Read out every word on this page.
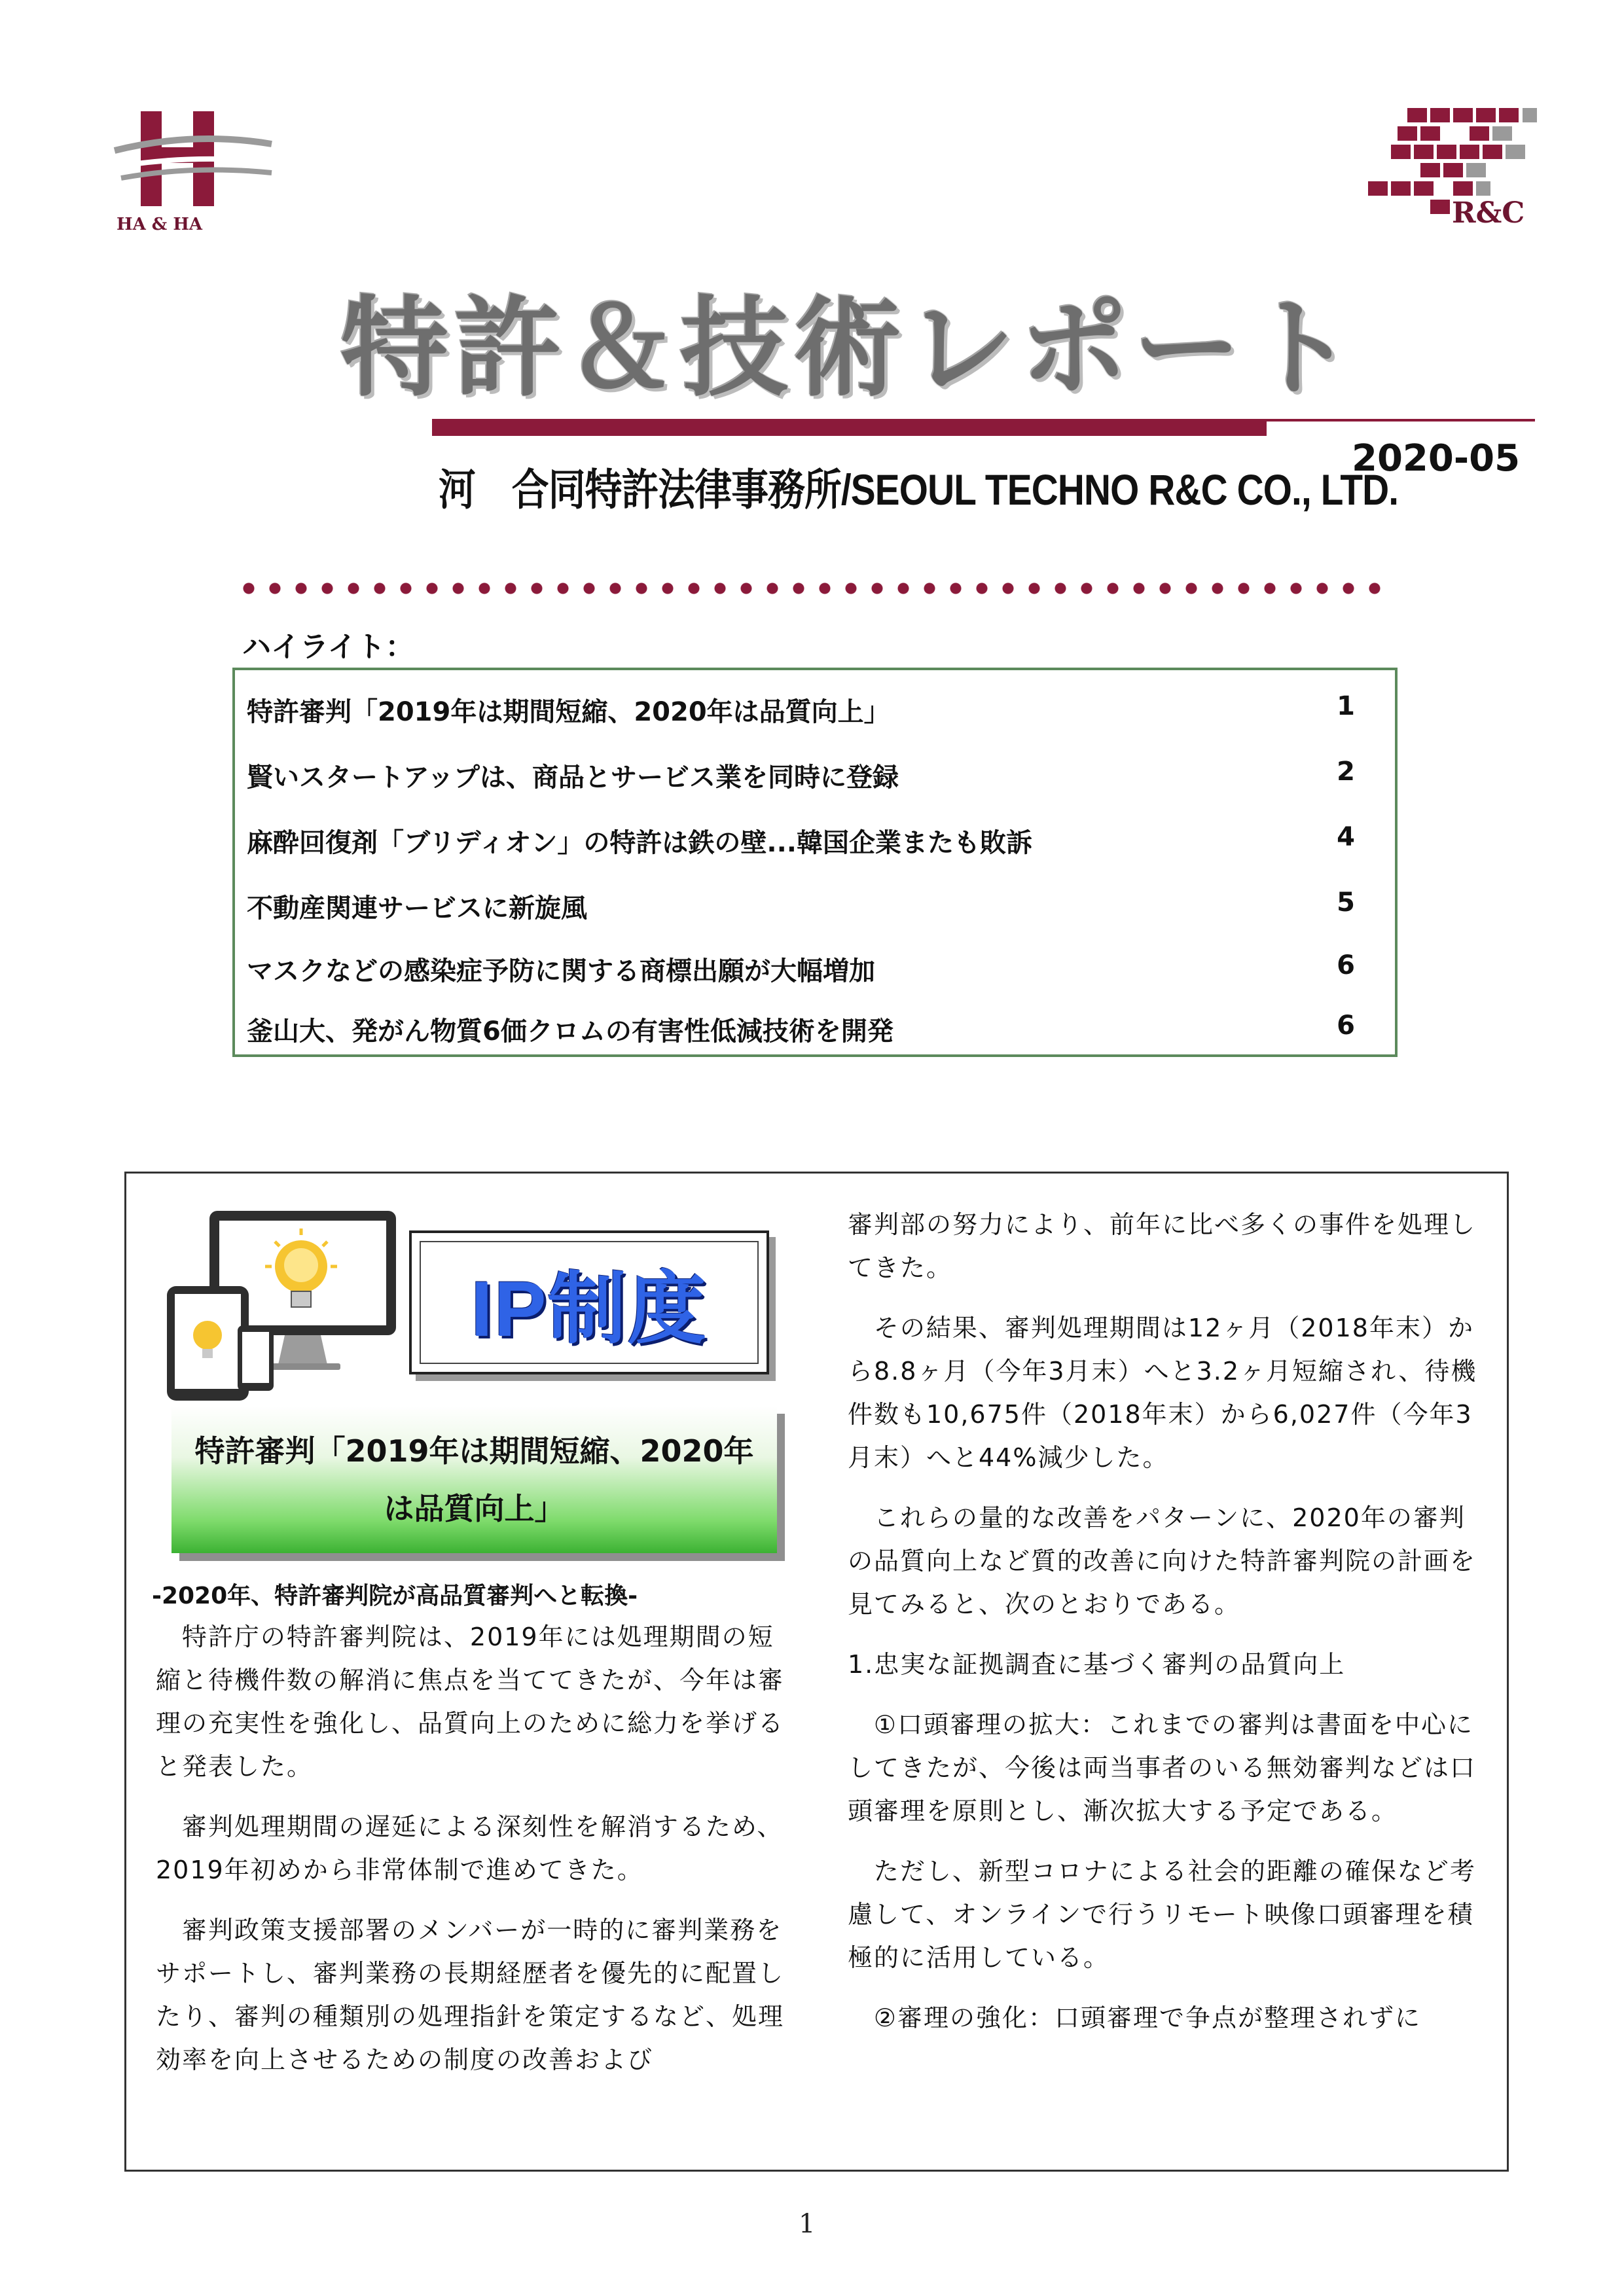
HA & HA	R&C
特許＆技術レポート
河　合同特許法律事務所/SEOUL TECHNO R&C CO., LTD.
2020-05
ハイライト：
特許審判「2019年は期間短縮、2020年は品質向上」	1
賢いスタートアップは、商品とサービス業を同時に登録	2
麻酔回復剤「ブリディオン」の特許は鉄の壁...韓国企業またも敗訴	4
不動産関連サービスに新旋風	5
マスクなどの感染症予防に関する商標出願が大幅増加	6
釜山大、発がん物質6価クロムの有害性低減技術を開発	6
IP制度
特許審判「2019年は期間短縮、2020年
は品質向上」
-2020年、特許審判院が高品質審判へと転換-

特許庁の特許審判院は、2019年には処理期間の短縮と待機件数の解消に焦点を当ててきたが、今年は審理の充実性を強化し、品質向上のために総力を挙げると発表した。

審判処理期間の遅延による深刻性を解消するため、2019年初めから非常体制で進めてきた。

審判政策支援部署のメンバーが一時的に審判業務をサポートし、審判業務の長期経歴者を優先的に配置したり、審判の種類別の処理指針を策定するなど、処理効率を向上させるための制度の改善および

審判部の努力により、前年に比べ多くの事件を処理してきた。

その結果、審判処理期間は12ヶ月（2018年末）から8.8ヶ月（今年3月末）へと3.2ヶ月短縮され、待機件数も10,675件（2018年末）から6,027件（今年3月末）へと44%減少した。

これらの量的な改善をパターンに、2020年の審判の品質向上など質的改善に向けた特許審判院の計画を見てみると、次のとおりである。

1.忠実な証拠調査に基づく審判の品質向上

①口頭審理の拡大：これまでの審判は書面を中心にしてきたが、今後は両当事者のいる無効審判などは口頭審理を原則とし、漸次拡大する予定である。

ただし、新型コロナによる社会的距離の確保など考慮して、オンラインで行うリモート映像口頭審理を積極的に活用している。

②審理の強化：口頭審理で争点が整理されずに

1
